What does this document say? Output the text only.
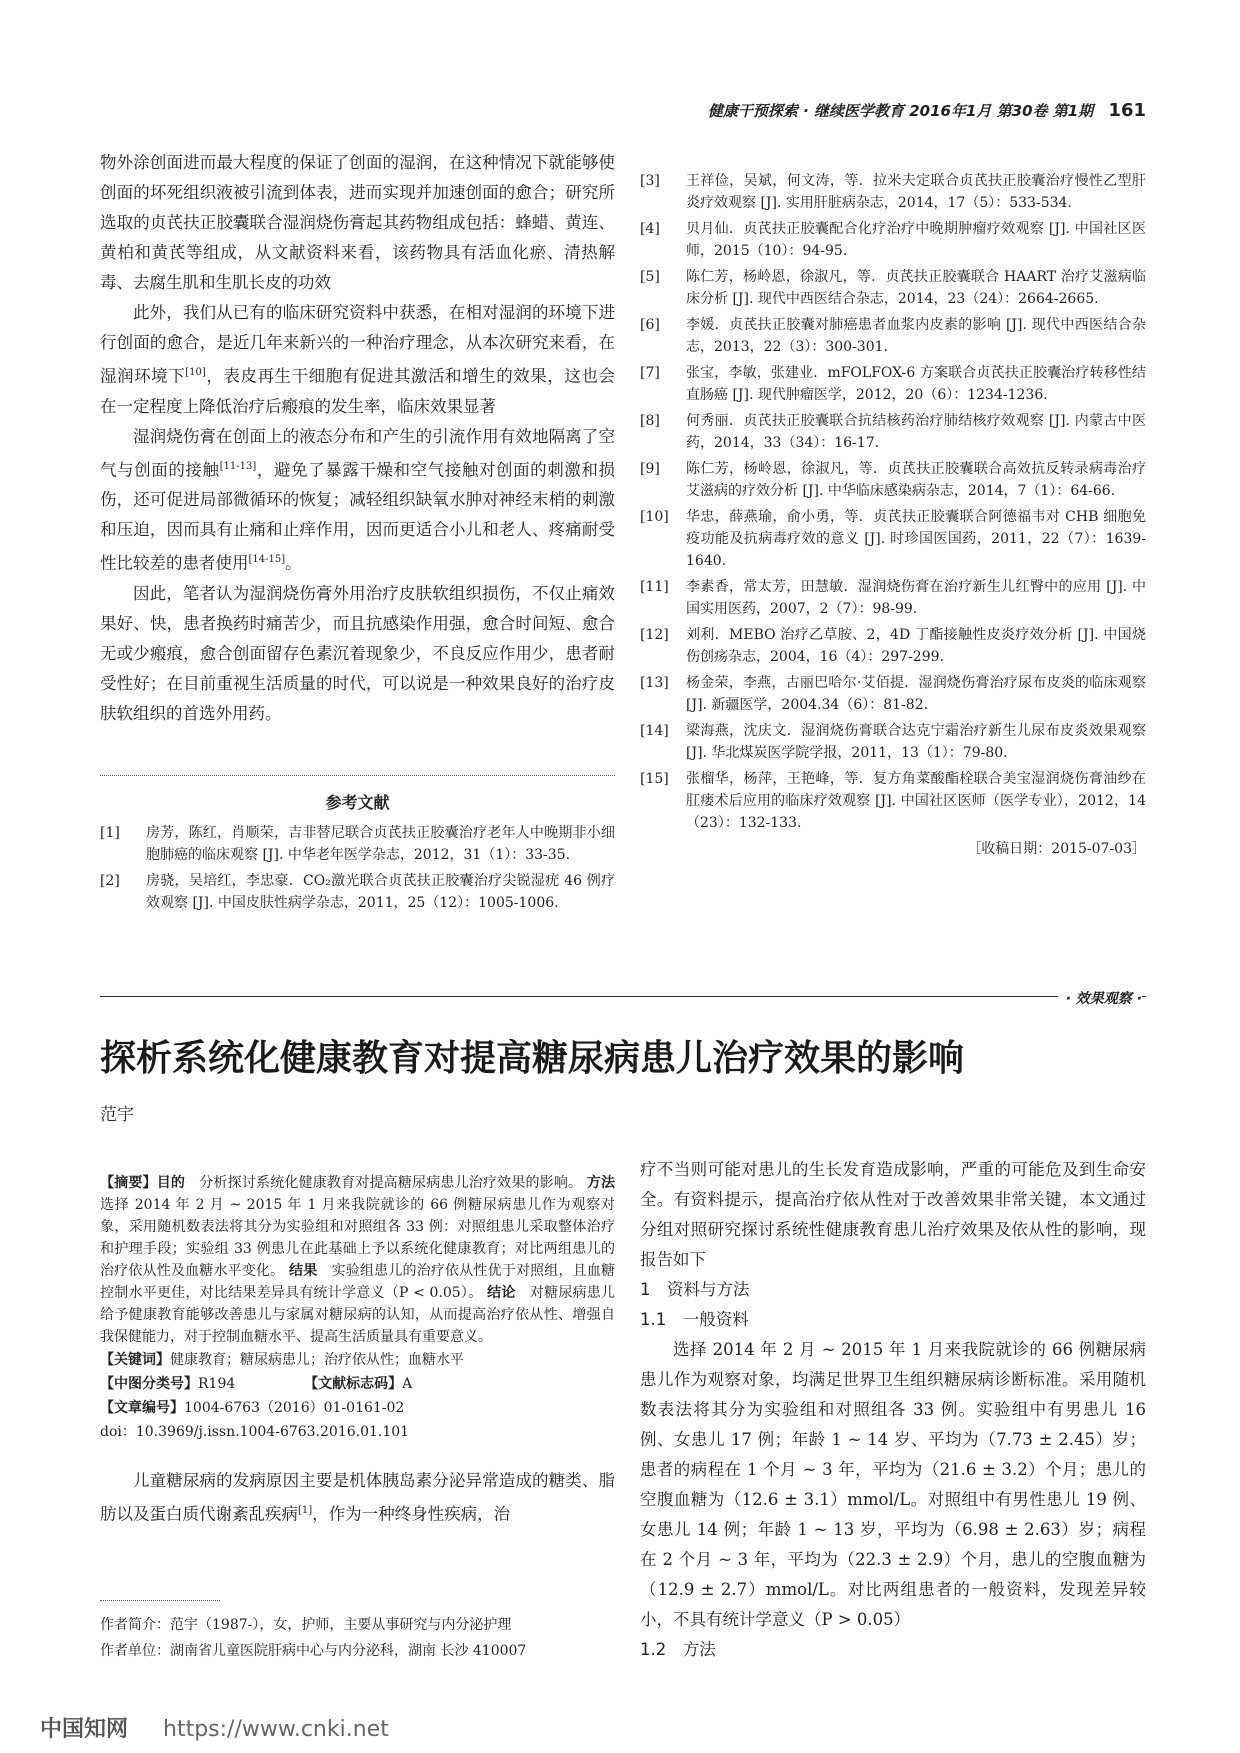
健康干预探索 · 继续医学教育 2016年1月 第30卷 第1期 161

物外涂创面进而最大程度的保证了创面的湿润，在这种情况下就能够使创面的坏死组织液被引流到体表，进而实现并加速创面的愈合；研究所选取的贞芪扶正胶囊联合湿润烧伤膏起其药物组成包括：蜂蜡、黄连、黄柏和黄芪等组成，从文献资料来看，该药物具有活血化瘀、清热解毒、去腐生肌和生肌长皮的功效

此外，我们从已有的临床研究资料中获悉，在相对湿润的环境下进行创面的愈合，是近几年来新兴的一种治疗理念，从本次研究来看，在湿润环境下[10]，表皮再生干细胞有促进其激活和增生的效果，这也会在一定程度上降低治疗后瘢痕的发生率，临床效果显著

湿润烧伤膏在创面上的液态分布和产生的引流作用有效地隔离了空气与创面的接触[11-13]，避免了暴露干燥和空气接触对创面的刺激和损伤，还可促进局部微循环的恢复；减轻组织缺氧水肿对神经末梢的刺激和压迫，因而具有止痛和止痒作用，因而更适合小儿和老人、疼痛耐受性比较差的患者使用[14-15]。

因此，笔者认为湿润烧伤膏外用治疗皮肤软组织损伤，不仅止痛效果好、快，患者换药时痛苦少，而且抗感染作用强，愈合时间短、愈合无或少瘢痕，愈合创面留存色素沉着现象少，不良反应作用少，患者耐受性好；在目前重视生活质量的时代，可以说是一种效果良好的治疗皮肤软组织的首选外用药。

参考文献
[1]	房芳，陈红，肖顺荣，吉非替尼联合贞芪扶正胶囊治疗老年人中晚期非小细胞肺癌的临床观察 [J]. 中华老年医学杂志，2012，31（1）：33-35.
[2]	房骁，吴培红，李忠豪．CO₂激光联合贞芪扶正胶囊治疗尖锐湿疣 46 例疗效观察 [J]. 中国皮肤性病学杂志，2011，25（12）：1005-1006.
[3]	王祥俭，吴斌，何文涛，等．拉米夫定联合贞芪扶正胶囊治疗慢性乙型肝炎疗效观察 [J]. 实用肝脏病杂志，2014，17（5）：533-534.
[4]	贝月仙．贞芪扶正胶囊配合化疗治疗中晚期肿瘤疗效观察 [J]. 中国社区医师，2015（10）：94-95.
[5]	陈仁芳，杨岭恩，徐淑凡，等．贞芪扶正胶囊联合 HAART 治疗艾滋病临床分析 [J]. 现代中西医结合杂志，2014，23（24）：2664-2665.
[6]	李媛．贞芪扶正胶囊对肺癌患者血浆内皮素的影响 [J]. 现代中西医结合杂志，2013，22（3）：300-301.
[7]	张宝，李敏，张建业．mFOLFOX-6 方案联合贞芪扶正胶囊治疗转移性结直肠癌 [J]. 现代肿瘤医学，2012，20（6）：1234-1236.
[8]	何秀丽．贞芪扶正胶囊联合抗结核药治疗肺结核疗效观察 [J]. 内蒙古中医药，2014，33（34）：16-17.
[9]	陈仁芳，杨岭恩，徐淑凡，等．贞芪扶正胶囊联合高效抗反转录病毒治疗艾滋病的疗效分析 [J]. 中华临床感染病杂志，2014，7（1）：64-66.
[10]	华忠，薛燕瑜，俞小勇，等．贞芪扶正胶囊联合阿德福韦对 CHB 细胞免疫功能及抗病毒疗效的意义 [J]. 时珍国医国药，2011，22（7）：1639-1640.
[11]	李素香，常太芳，田慧敏．湿润烧伤膏在治疗新生儿红臀中的应用 [J]. 中国实用医药，2007，2（7）：98-99.
[12]	刘利．MEBO 治疗乙草胺、2，4D 丁酯接触性皮炎疗效分析 [J]. 中国烧伤创疡杂志，2004，16（4）：297-299.
[13]	杨金荣，李燕，古丽巴哈尔·艾佰提．湿润烧伤膏治疗尿布皮炎的临床观察 [J]. 新疆医学，2004.34（6）：81-82.
[14]	梁海燕，沈庆文．湿润烧伤膏联合达克宁霜治疗新生儿尿布皮炎效果观察 [J]. 华北煤炭医学院学报，2011，13（1）：79-80.
[15]	张榴华，杨萍，王艳峰，等．复方角菜酸酯栓联合美宝湿润烧伤膏油纱在肛瘘术后应用的临床疗效观察 [J]. 中国社区医师（医学专业），2012，14（23）：132-133.
［收稿日期：2015-07-03］
· 效果观察 ·
探析系统化健康教育对提高糖尿病患儿治疗效果的影响
范宇
【摘要】目的　 分析探讨系统化健康教育对提高糖尿病患儿治疗效果的影响。 方法　选择 2014 年 2 月 ~ 2015 年 1 月来我院就诊的 66 例糖尿病患儿作为观察对象，采用随机数表法将其分为实验组和对照组各 33 例：对照组患儿采取整体治疗和护理手段；实验组 33 例患儿在此基础上予以系统化健康教育；对比两组患儿的治疗依从性及血糖水平变化。 结果　 实验组患儿的治疗依从性优于对照组，且血糖控制水平更佳，对比结果差异具有统计学意义（P < 0.05）。 结论　 对糖尿病患儿给予健康教育能够改善患儿与家属对糖尿病的认知，从而提高治疗依从性、增强自我保健能力，对于控制血糖水平、提高生活质量具有重要意义。
【关键词】健康教育；糖尿病患儿；治疗依从性；血糖水平
【中图分类号】R194	【文献标志码】A
【文章编号】1004-6763（2016）01-0161-02
doi：10.3969/j.issn.1004-6763.2016.01.101

儿童糖尿病的发病原因主要是机体胰岛素分泌异常造成的糖类、脂肪以及蛋白质代谢紊乱疾病[1]，作为一种终身性疾病，治

作者简介：范宇（1987-），女，护师，主要从事研究与内分泌护理
作者单位：湖南省儿童医院肝病中心与内分泌科，湖南 长沙 410007

疗不当则可能对患儿的生长发育造成影响，严重的可能危及到生命安全。有资料提示，提高治疗依从性对于改善效果非常关键，本文通过分组对照研究探讨系统性健康教育患儿治疗效果及依从性的影响，现报告如下

1　资料与方法
1.1　一般资料

选择 2014 年 2 月 ~ 2015 年 1 月来我院就诊的 66 例糖尿病患儿作为观察对象，均满足世界卫生组织糖尿病诊断标准。采用随机数表法将其分为实验组和对照组各 33 例。实验组中有男患儿 16 例、女患儿 17 例；年龄 1 ~ 14 岁、平均为（7.73 ± 2.45）岁；患者的病程在 1 个月 ~ 3 年，平均为（21.6 ± 3.2）个月；患儿的空腹血糖为（12.6 ± 3.1）mmol/L。对照组中有男性患儿 19 例、女患儿 14 例；年龄 1 ~ 13 岁，平均为（6.98 ± 2.63）岁；病程在 2 个月 ~ 3 年，平均为（22.3 ± 2.9）个月，患儿的空腹血糖为（12.9 ± 2.7）mmol/L。对比两组患者的一般资料，发现差异较小，不具有统计学意义（P > 0.05）

1.2　方法
中国知网 https://www.cnki.net
